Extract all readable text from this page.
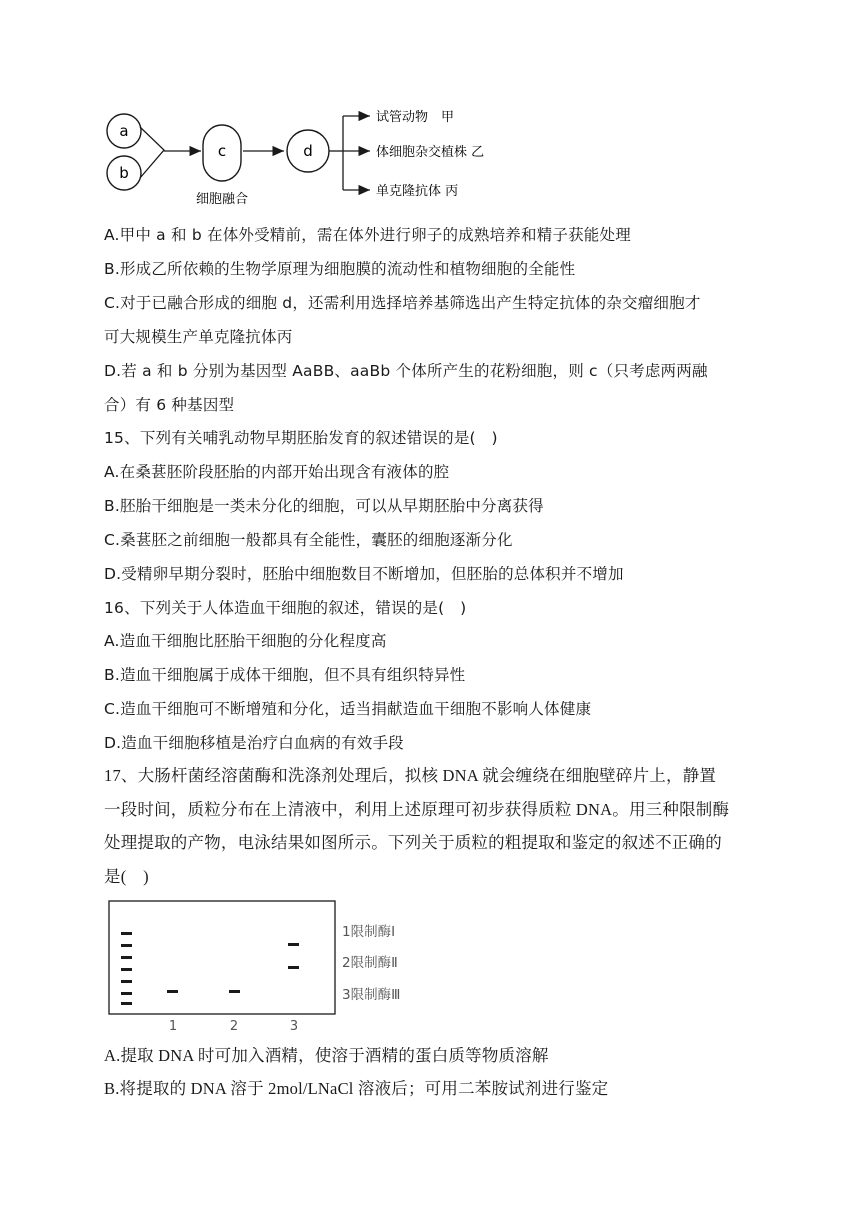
a
b
c
细胞融合
d
试管动物　甲
体细胞杂交植株 乙
单克隆抗体 丙
A.甲中 a 和 b 在体外受精前，需在体外进行卵子的成熟培养和精子获能处理
B.形成乙所依赖的生物学原理为细胞膜的流动性和植物细胞的全能性
C.对于已融合形成的细胞 d，还需利用选择培养基筛选出产生特定抗体的杂交瘤细胞才
可大规模生产单克隆抗体丙
D.若 a 和 b 分别为基因型 AaBB、aaBb 个体所产生的花粉细胞，则 c（只考虑两两融
合）有 6 种基因型
15、下列有关哺乳动物早期胚胎发育的叙述错误的是(　)
A.在桑葚胚阶段胚胎的内部开始出现含有液体的腔
B.胚胎干细胞是一类未分化的细胞，可以从早期胚胎中分离获得
C.桑葚胚之前细胞一般都具有全能性，囊胚的细胞逐渐分化
D.受精卵早期分裂时，胚胎中细胞数目不断增加，但胚胎的总体积并不增加
16、下列关于人体造血干细胞的叙述，错误的是(　)
A.造血干细胞比胚胎干细胞的分化程度高
B.造血干细胞属于成体干细胞，但不具有组织特异性
C.造血干细胞可不断增殖和分化，适当捐献造血干细胞不影响人体健康
D.造血干细胞移植是治疗白血病的有效手段
17、大肠杆菌经溶菌酶和洗涤剂处理后，拟核 DNA 就会缠绕在细胞壁碎片上，静置
一段时间，质粒分布在上清液中，利用上述原理可初步获得质粒 DNA。用三种限制酶
处理提取的产物，电泳结果如图所示。下列关于质粒的粗提取和鉴定的叙述不正确的
是(　)
1	2	3
1限制酶Ⅰ
2限制酶Ⅱ
3限制酶Ⅲ
A.提取 DNA 时可加入酒精，使溶于酒精的蛋白质等物质溶解
B.将提取的 DNA 溶于 2mol/LNaCl 溶液后；可用二苯胺试剂进行鉴定
